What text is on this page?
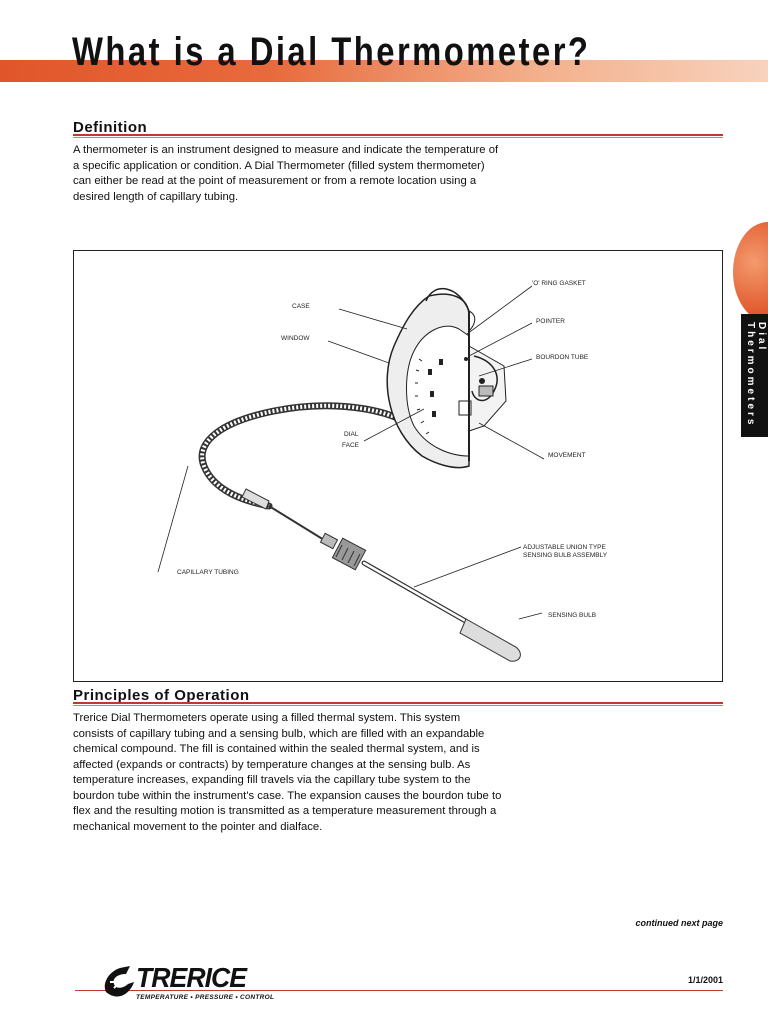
What is a Dial Thermometer?
Definition

A thermometer is an instrument designed to measure and indicate the temperature of a specific application or condition. A Dial Thermometer (filled system thermometer) can either be read at the point of measurement or from a remote location using a desired length of capillary tubing.

'O' RING GASKET
CASE
POINTER
WINDOW
BOURDON TUBE
DIAL
FACE
MOVEMENT
ADJUSTABLE UNION TYPE
SENSING BULB ASSEMBLY
CAPILLARY TUBING
SENSING BULB
Principles of Operation

Trerice Dial Thermometers operate using a filled thermal system. This system consists of capillary tubing and a sensing bulb, which are filled with an expandable chemical compound. The fill is contained within the sealed thermal system, and is affected (expands or contracts) by temperature changes at the sensing bulb. As temperature increases, expanding fill travels via the capillary tube system to the bourdon tube within the instrument's case. The expansion causes the bourdon tube to flex and the resulting motion is transmitted as a temperature measurement through a mechanical movement to the pointer and dialface.

Dial Thermometers

continued next page

TRERICE
TEMPERATURE • PRESSURE • CONTROL

1/1/2001
